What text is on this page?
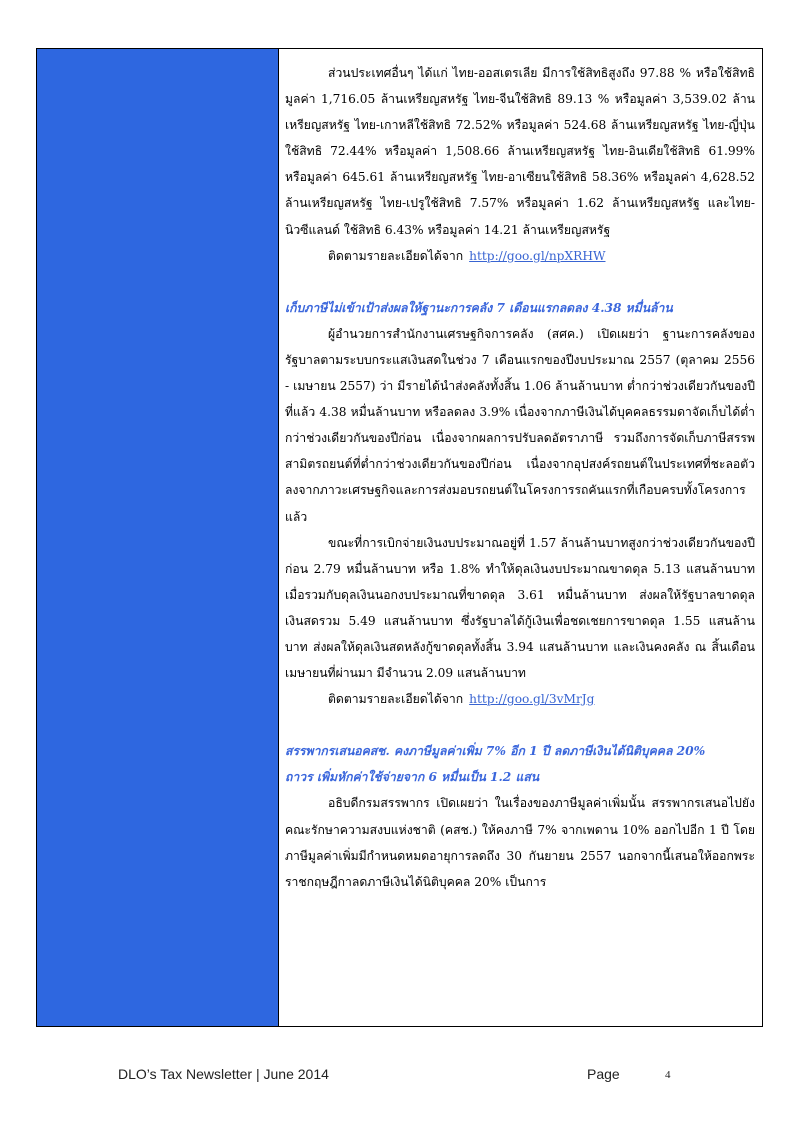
ส่วนประเทศอื่นๆ ได้แก่ ไทย-ออสเตรเลีย มีการใช้สิทธิสูงถึง 97.88 % หรือใช้สิทธิมูลค่า 1,716.05 ล้านเหรียญสหรัฐ ไทย-จีนใช้สิทธิ 89.13 % หรือมูลค่า 3,539.02 ล้านเหรียญสหรัฐ ไทย-เกาหลีใช้สิทธิ 72.52% หรือมูลค่า 524.68 ล้านเหรียญสหรัฐ ไทย-ญี่ปุ่นใช้สิทธิ 72.44% หรือมูลค่า 1,508.66 ล้านเหรียญสหรัฐ ไทย-อินเดียใช้สิทธิ 61.99% หรือมูลค่า 645.61 ล้านเหรียญสหรัฐ ไทย-อาเซียนใช้สิทธิ 58.36% หรือมูลค่า 4,628.52 ล้านเหรียญสหรัฐ ไทย-เปรูใช้สิทธิ 7.57% หรือมูลค่า 1.62 ล้านเหรียญสหรัฐ และไทย-นิวซีแลนด์ ใช้สิทธิ 6.43% หรือมูลค่า 14.21 ล้านเหรียญสหรัฐ

ติดตามรายละเอียดได้จาก http://goo.gl/npXRHW

เก็บภาษีไม่เข้าเป้าส่งผลให้ฐานะการคลัง 7 เดือนแรกลดลง 4.38 หมื่นล้าน

ผู้อำนวยการสำนักงานเศรษฐกิจการคลัง (สศค.) เปิดเผยว่า ฐานะการคลังของรัฐบาลตามระบบกระแสเงินสดในช่วง 7 เดือนแรกของปีงบประมาณ 2557 (ตุลาคม 2556 - เมษายน 2557) ว่า มีรายได้นำส่งคลังทั้งสิ้น 1.06 ล้านล้านบาท ต่ำกว่าช่วงเดียวกันของปีที่แล้ว 4.38 หมื่นล้านบาท หรือลดลง 3.9% เนื่องจากภาษีเงินได้บุคคลธรรมดาจัดเก็บได้ต่ำกว่าช่วงเดียวกันของปีก่อน เนื่องจากผลการปรับลดอัตราภาษี รวมถึงการจัดเก็บภาษีสรรพสามิตรถยนต์ที่ต่ำกว่าช่วงเดียวกันของปีก่อน เนื่องจากอุปสงค์รถยนต์ในประเทศที่ชะลอตัวลงจากภาวะเศรษฐกิจและการส่งมอบรถยนต์ในโครงการรถคันแรกที่เกือบครบทั้งโครงการแล้ว

ขณะที่การเบิกจ่ายเงินงบประมาณอยู่ที่ 1.57 ล้านล้านบาทสูงกว่าช่วงเดียวกันของปีก่อน 2.79 หมื่นล้านบาท หรือ 1.8% ทำให้ดุลเงินงบประมาณขาดดุล 5.13 แสนล้านบาท เมื่อรวมกับดุลเงินนอกงบประมาณที่ขาดดุล 3.61 หมื่นล้านบาท ส่งผลให้รัฐบาลขาดดุลเงินสดรวม 5.49 แสนล้านบาท ซึ่งรัฐบาลได้กู้เงินเพื่อชดเชยการขาดดุล 1.55 แสนล้านบาท ส่งผลให้ดุลเงินสดหลังกู้ขาดดุลทั้งสิ้น 3.94 แสนล้านบาท และเงินคงคลัง ณ สิ้นเดือนเมษายนที่ผ่านมา มีจำนวน 2.09 แสนล้านบาท

ติดตามรายละเอียดได้จาก http://goo.gl/3vMrJg

สรรพากรเสนอคสช. คงภาษีมูลค่าเพิ่ม 7% อีก 1 ปี ลดภาษีเงินได้นิติบุคคล 20%

ถาวร เพิ่มหักค่าใช้จ่ายจาก 6 หมื่นเป็น 1.2 แสน

อธิบดีกรมสรรพากร เปิดเผยว่า ในเรื่องของภาษีมูลค่าเพิ่มนั้น สรรพากรเสนอไปยังคณะรักษาความสงบแห่งชาติ (คสช.) ให้คงภาษี 7% จากเพดาน 10% ออกไปอีก 1 ปี โดยภาษีมูลค่าเพิ่มมีกำหนดหมดอายุการลดถึง 30 กันยายน 2557 นอกจากนี้เสนอให้ออกพระราชกฤษฎีกาลดภาษีเงินได้นิติบุคคล 20% เป็นการ

DLO’s Tax Newsletter | June 2014	Page	4
